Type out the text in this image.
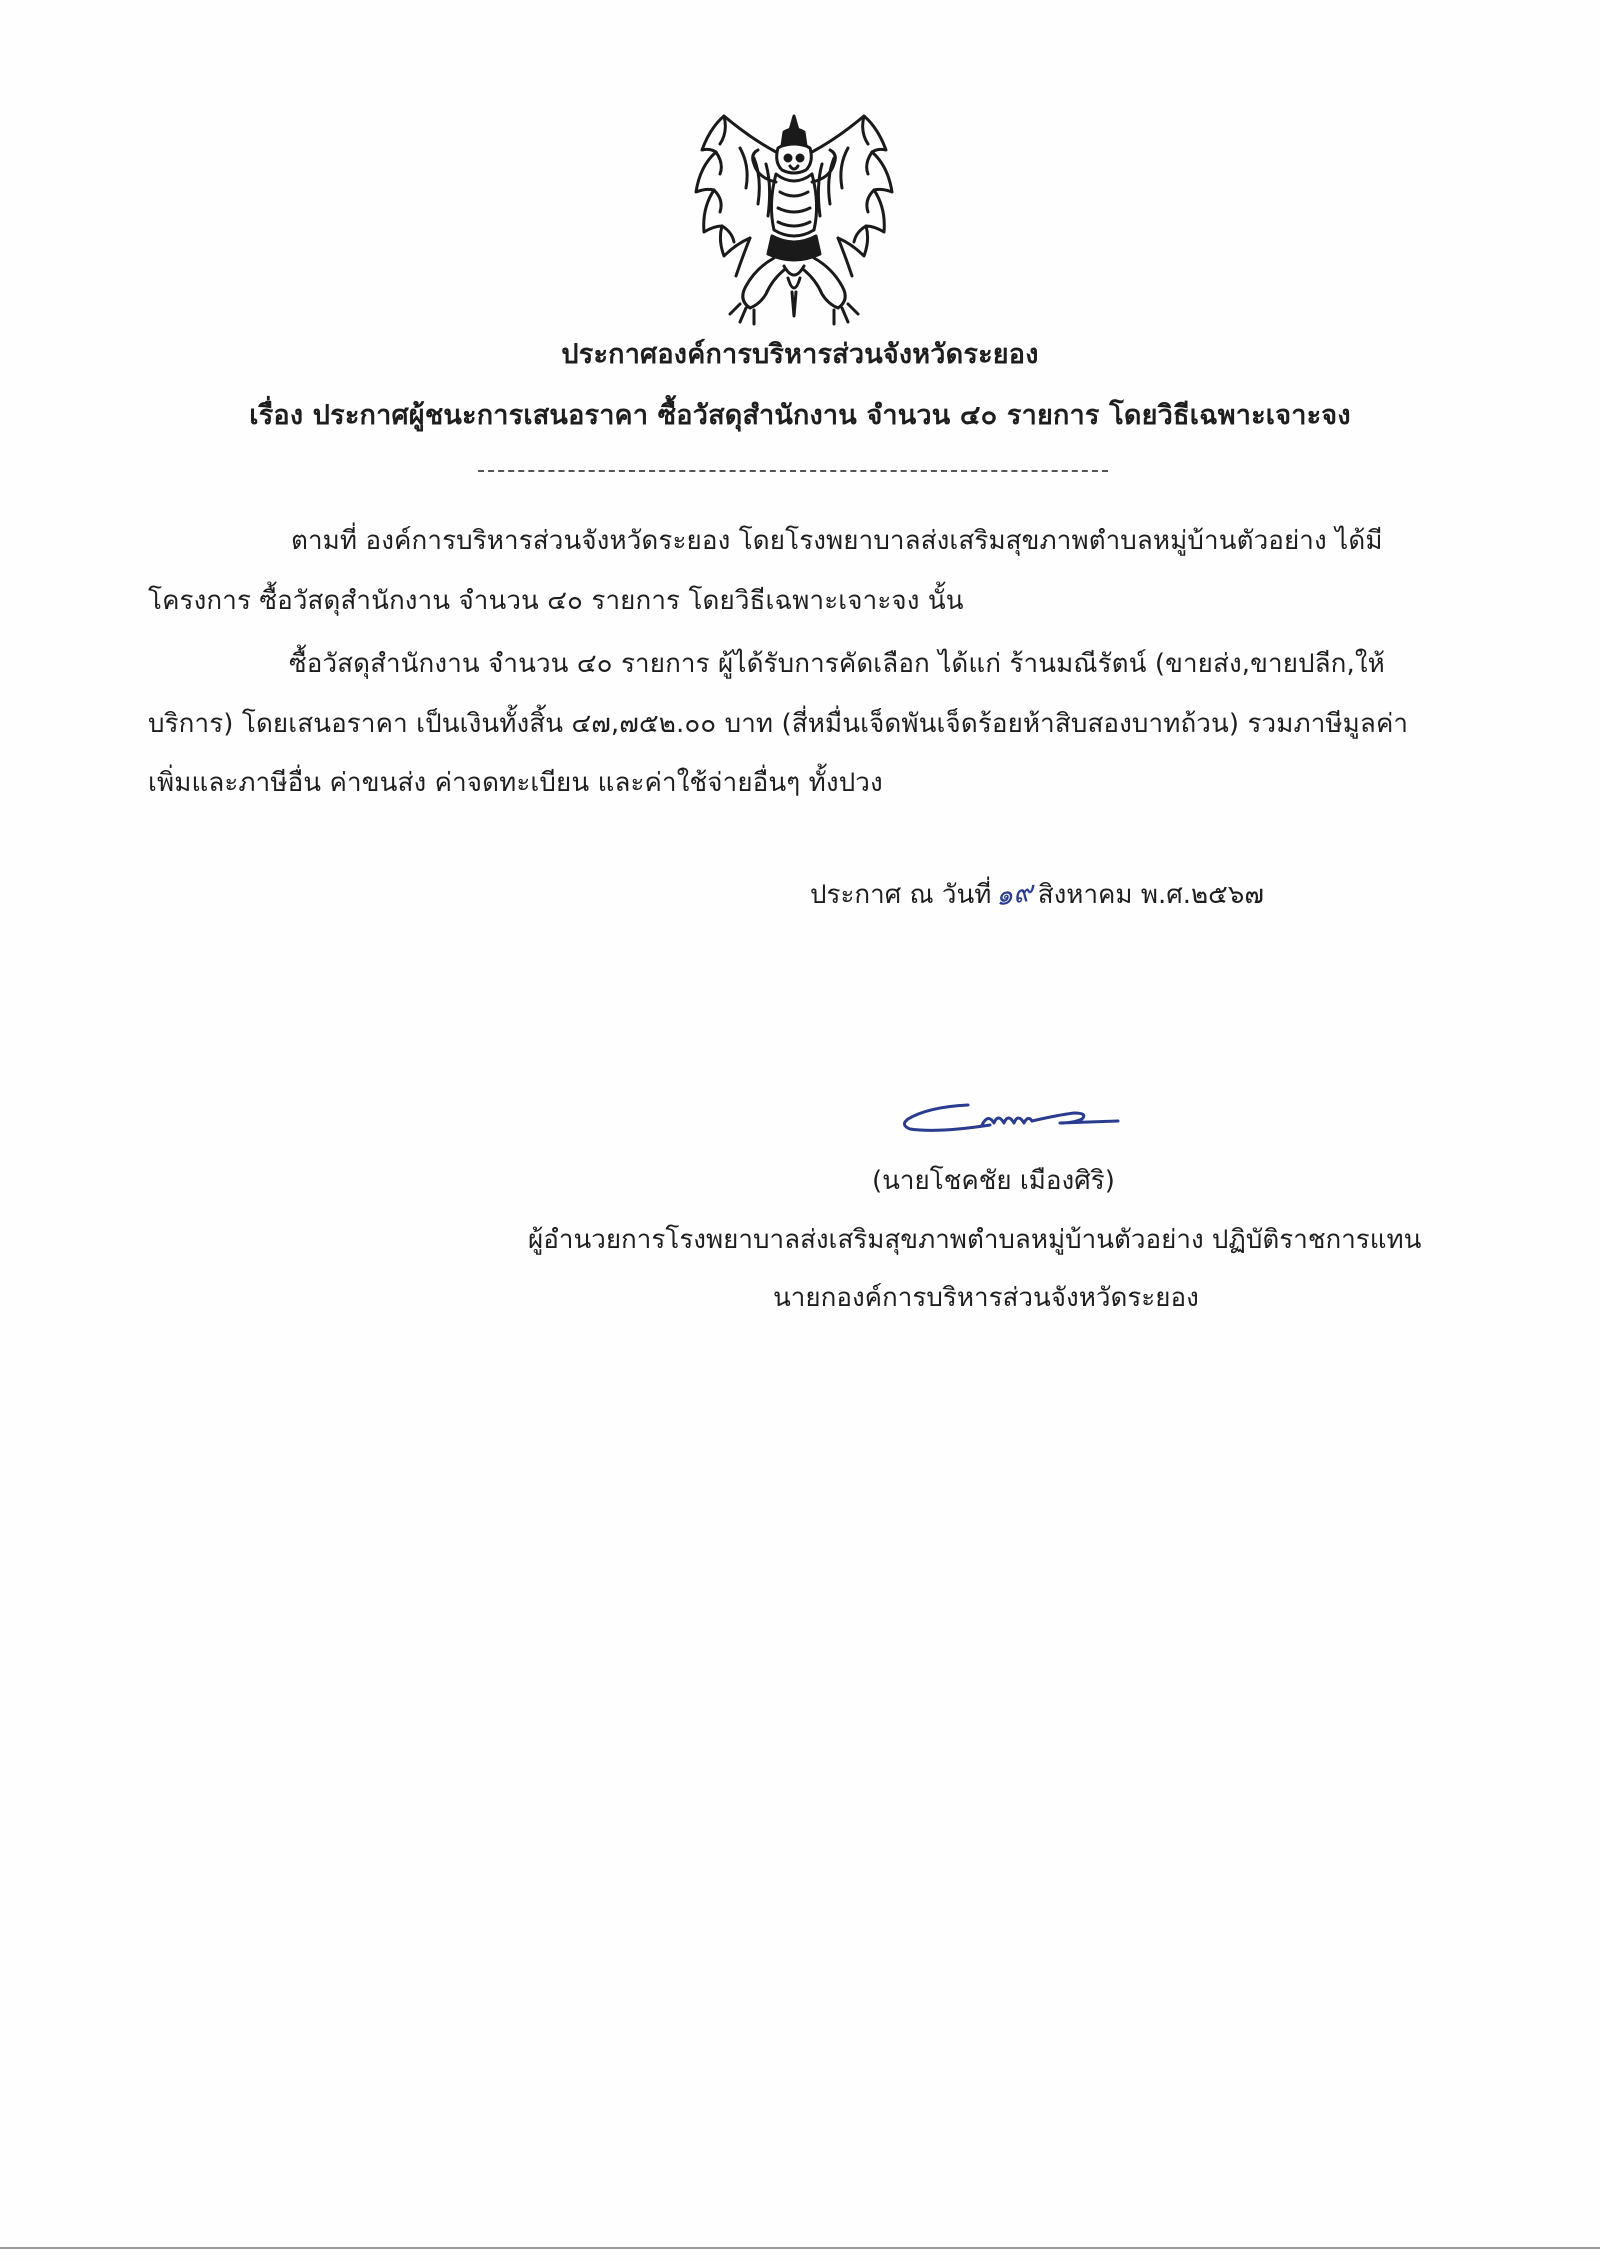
ประกาศองค์การบริหารส่วนจังหวัดระยอง
เรื่อง ประกาศผู้ชนะการเสนอราคา ซื้อวัสดุสำนักงาน จำนวน ๔๐ รายการ โดยวิธีเฉพาะเจาะจง
ตามที่ องค์การบริหารส่วนจังหวัดระยอง โดยโรงพยาบาลส่งเสริมสุขภาพตำบลหมู่บ้านตัวอย่าง ได้มี
โครงการ ซื้อวัสดุสำนักงาน จำนวน ๔๐ รายการ โดยวิธีเฉพาะเจาะจง นั้น
ซื้อวัสดุสำนักงาน จำนวน ๔๐ รายการ ผู้ได้รับการคัดเลือก ได้แก่ ร้านมณีรัตน์ (ขายส่ง,ขายปลีก,ให้
บริการ) โดยเสนอราคา เป็นเงินทั้งสิ้น ๔๗,๗๕๒.๐๐ บาท (สี่หมื่นเจ็ดพันเจ็ดร้อยห้าสิบสองบาทถ้วน) รวมภาษีมูลค่า
เพิ่มและภาษีอื่น ค่าขนส่ง ค่าจดทะเบียน และค่าใช้จ่ายอื่นๆ ทั้งปวง
ประกาศ ณ วันที่๑๙สิงหาคม พ.ศ.๒๕๖๗
(นายโชคชัย เมืองศิริ)
ผู้อำนวยการโรงพยาบาลส่งเสริมสุขภาพตำบลหมู่บ้านตัวอย่าง ปฏิบัติราชการแทน
นายกองค์การบริหารส่วนจังหวัดระยอง
